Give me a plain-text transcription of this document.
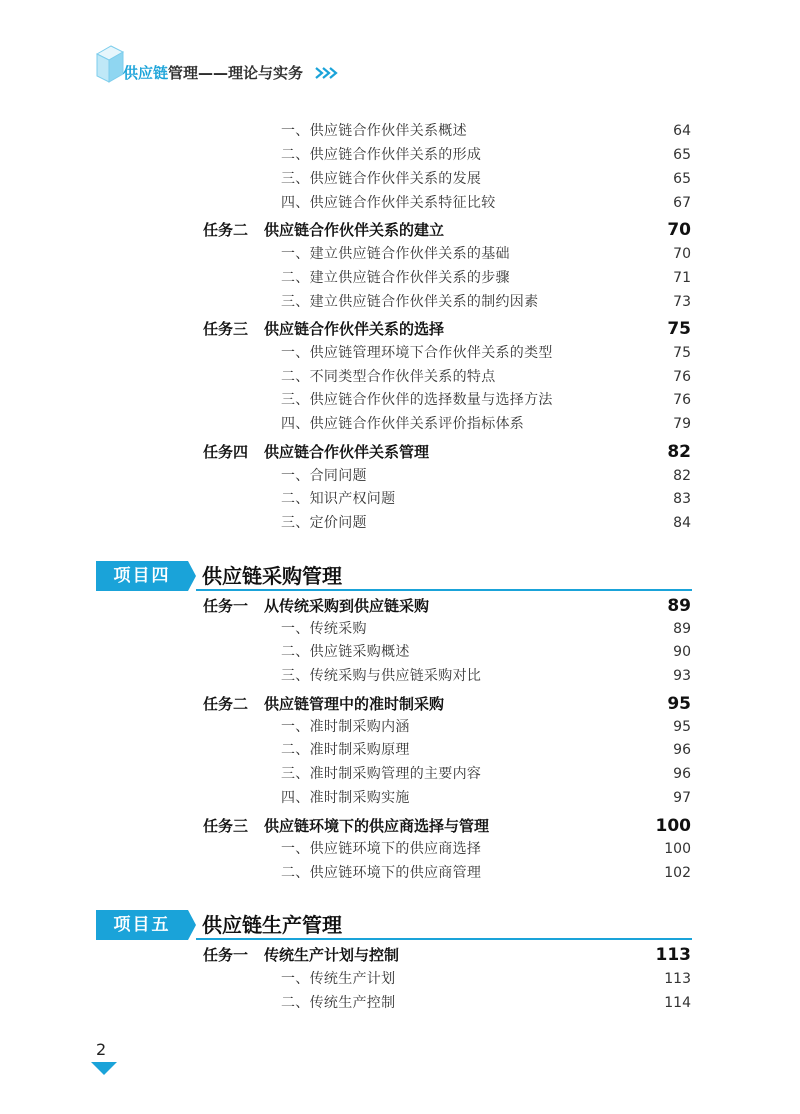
供应链管理——理论与实务
一、供应链合作伙伴关系概述	64
二、供应链合作伙伴关系的形成	65
三、供应链合作伙伴关系的发展	65
四、供应链合作伙伴关系特征比较	67
任务二 供应链合作伙伴关系的建立	70
一、建立供应链合作伙伴关系的基础	70
二、建立供应链合作伙伴关系的步骤	71
三、建立供应链合作伙伴关系的制约因素	73
任务三 供应链合作伙伴关系的选择	75
一、供应链管理环境下合作伙伴关系的类型	75
二、不同类型合作伙伴关系的特点	76
三、供应链合作伙伴的选择数量与选择方法	76
四、供应链合作伙伴关系评价指标体系	79
任务四 供应链合作伙伴关系管理	82
一、合同问题	82
二、知识产权问题	83
三、定价问题	84
项目四	供应链采购管理
任务一 从传统采购到供应链采购	89
一、传统采购	89
二、供应链采购概述	90
三、传统采购与供应链采购对比	93
任务二 供应链管理中的准时制采购	95
一、准时制采购内涵	95
二、准时制采购原理	96
三、准时制采购管理的主要内容	96
四、准时制采购实施	97
任务三 供应链环境下的供应商选择与管理	100
一、供应链环境下的供应商选择	100
二、供应链环境下的供应商管理	102
项目五	供应链生产管理
任务一 传统生产计划与控制	113
一、传统生产计划	113
二、传统生产控制	114
2
